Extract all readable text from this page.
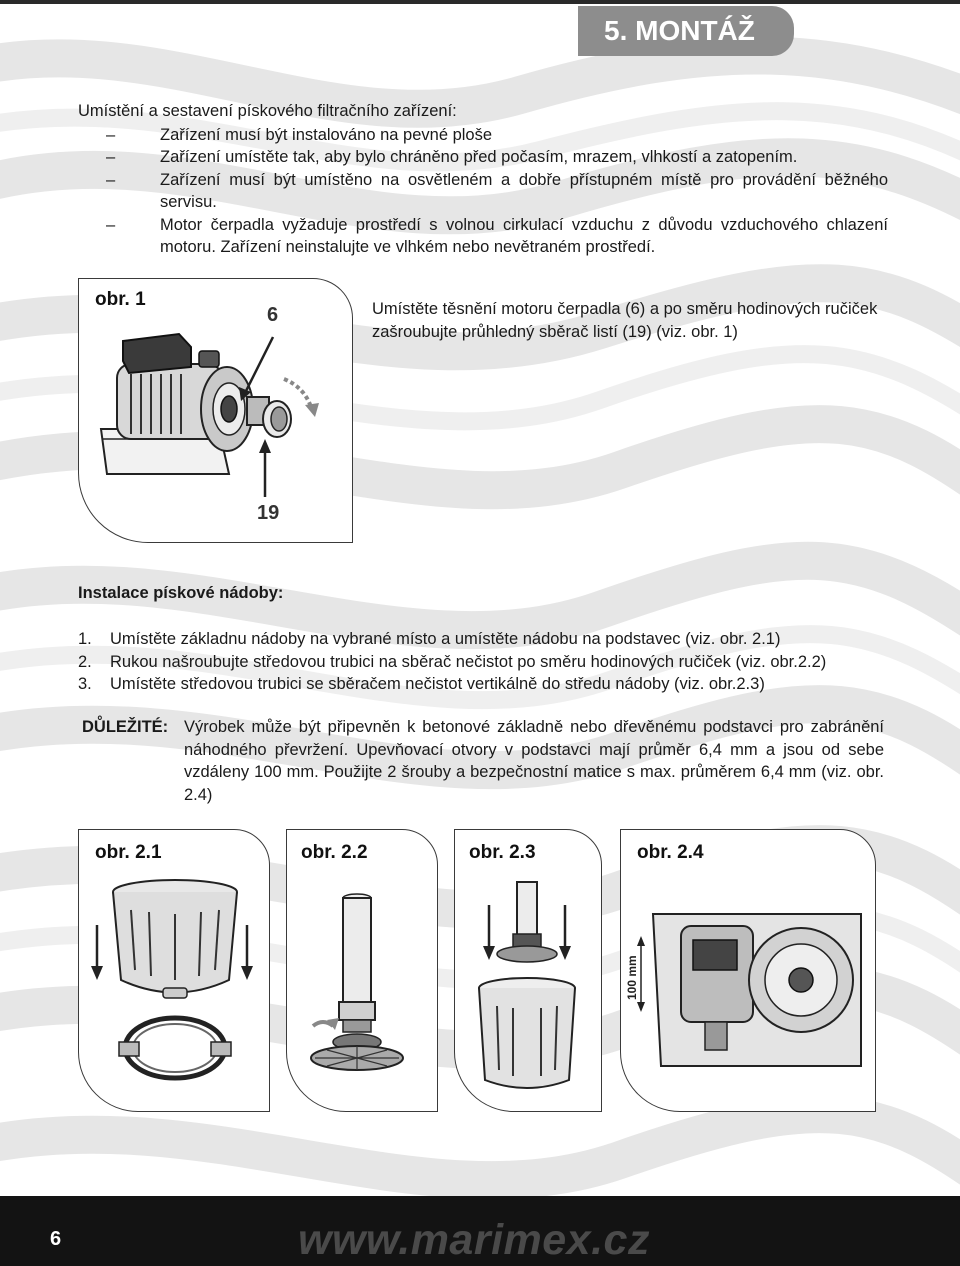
5. MONTÁŽ
Umístění a sestavení pískového filtračního zařízení:
–	Zařízení musí být instalováno na pevné ploše
–	Zařízení umístěte tak, aby bylo chráněno před počasím, mrazem, vlhkostí a zatopením.
–	Zařízení musí být umístěno na osvětleném a dobře přístupném místě pro provádění běžného servisu.
–	Motor čerpadla vyžaduje prostředí s volnou cirkulací vzduchu z důvodu vzduchového chlazení motoru. Zařízení neinstalujte ve vlhkém nebo nevětraném prostředí.
obr. 1
6
19
Umístěte těsnění motoru čerpadla (6) a po směru hodinových ručiček zašroubujte průhledný sběrač listí (19) (viz. obr. 1)
Instalace pískové nádoby:
1.	Umístěte základnu nádoby na vybrané místo a umístěte nádobu na podstavec (viz. obr. 2.1)
2.	Rukou našroubujte středovou trubici na sběrač nečistot po směru hodinových ručiček (viz. obr.2.2)
3.	Umístěte středovou trubici se sběračem nečistot vertikálně do středu nádoby (viz. obr.2.3)
DŮLEŽITÉ: Výrobek může být připevněn k betonové základně nebo dřevěnému podstavci pro zabránění náhodného převržení. Upevňovací otvory v podstavci mají průměr 6,4 mm a jsou od sebe vzdáleny 100 mm. Použijte 2 šrouby a bezpečnostní matice s max. průměrem 6,4 mm (viz. obr. 2.4)
obr. 2.1	obr. 2.2	obr. 2.3	obr. 2.4
100 mm
6	www.marimex.cz
